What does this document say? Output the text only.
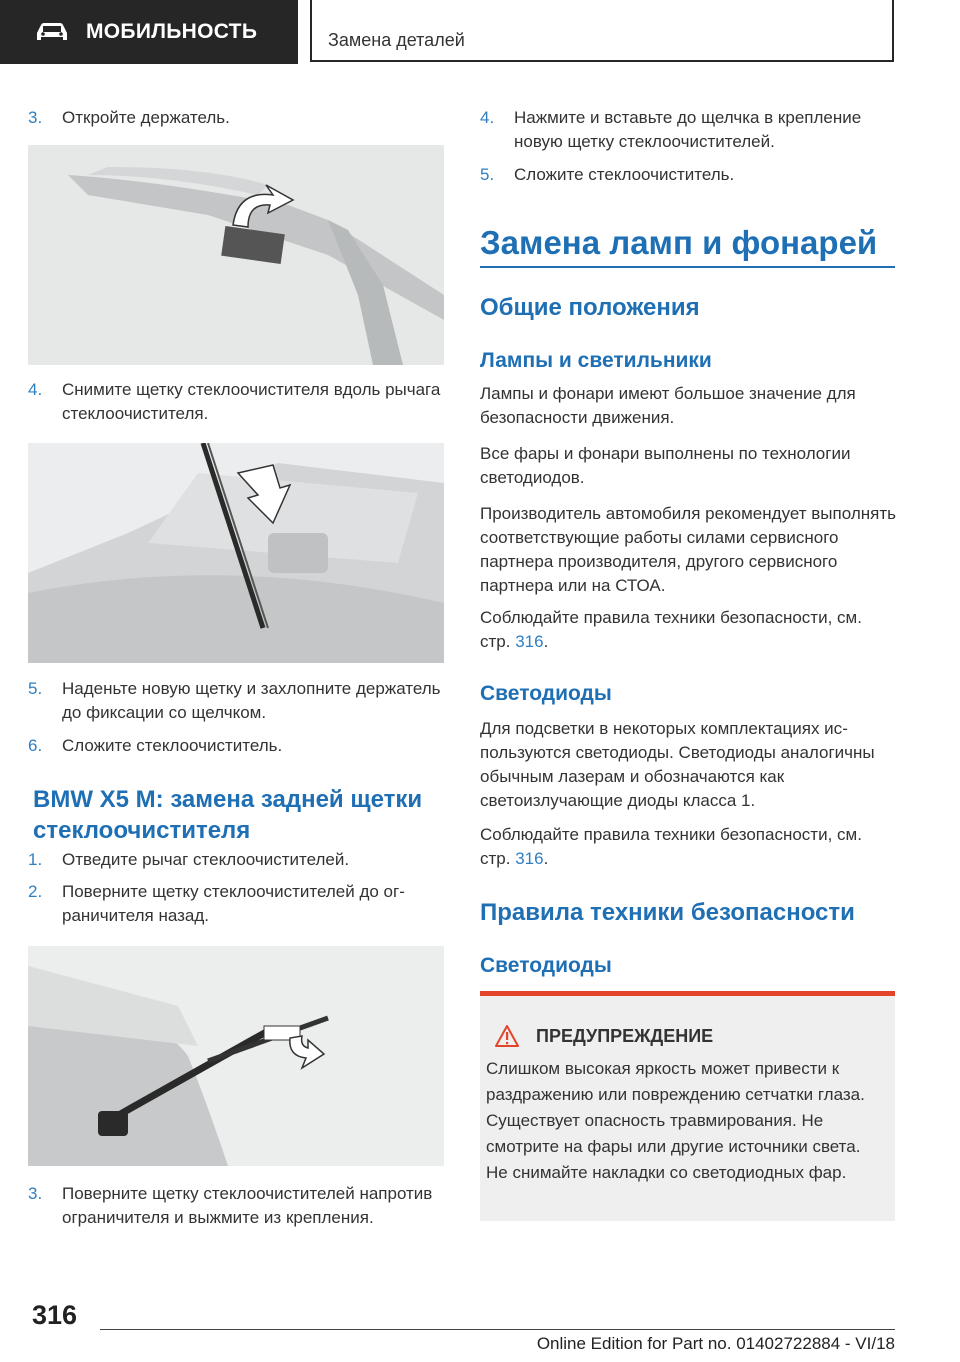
МОБИЛЬНОСТЬ	Замена деталей
3.	Откройте держатель.
4.	Снимите щетку стеклоочистителя вдоль рычага стеклоочистителя.
5.	Наденьте новую щетку и захлопните держатель до фиксации со щелчком.
6.	Сложите стеклоочиститель.
BMW X5 M: замена задней щетки стеклоочистителя
1.	Отведите рычаг стеклоочистителей.
2.	Поверните щетку стеклоочистителей до ограничителя назад.
3.	Поверните щетку стеклоочистителей напротив ограничителя и выжмите из крепления.
4.	Нажмите и вставьте до щелчка в крепление новую щетку стеклоочистителей.
5.	Сложите стеклоочиститель.
Замена ламп и фонарей
Общие положения
Лампы и светильники
Лампы и фонари имеют большое значение для безопасности движения.
Все фары и фонари выполнены по технологии светодиодов.
Производитель автомобиля рекомендует выполнять соответствующие работы силами сервисного партнера производителя, другого сервисного партнера или на СТОА.
Соблюдайте правила техники безопасности, см. стр. 316.
Светодиоды
Для подсветки в некоторых комплектациях используются светодиоды. Светодиоды аналогичны обычным лазерам и обозначаются как светоизлучающие диоды класса 1.
Соблюдайте правила техники безопасности, см. стр. 316.
Правила техники безопасности
Светодиоды
ПРЕДУПРЕЖДЕНИЕ
Слишком высокая яркость может привести к раздражению или повреждению сетчатки глаза. Существует опасность травмирования. Не смотрите на фары или другие источники света. Не снимайте накладки со светодиодных фар.
316
Online Edition for Part no. 01402722884 - VI/18
